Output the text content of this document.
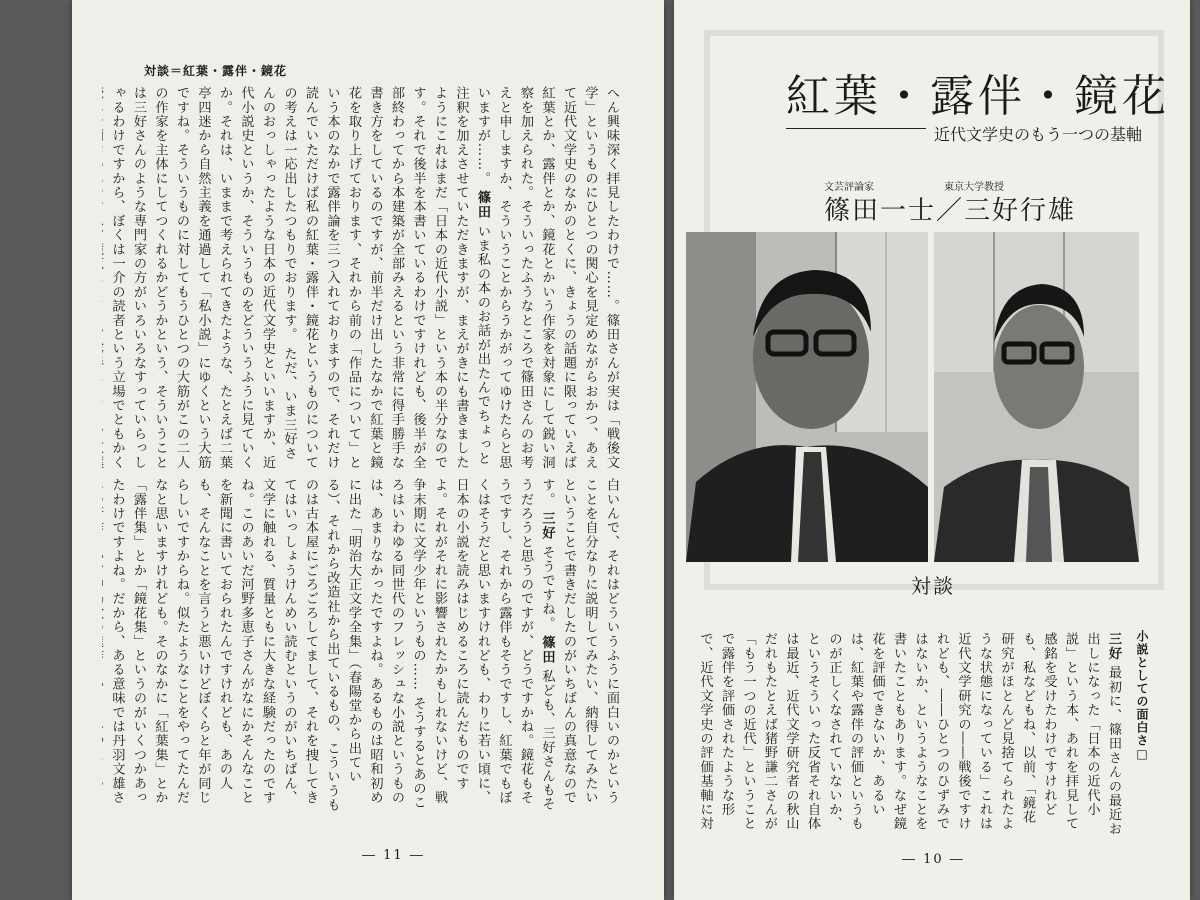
対談＝紅葉・露伴・鏡花
へん興味深く拝見したわけで……。篠田さんが実は「戦後文学」というものにひとつの関心を見定めながらおかつ、あえて近代文学史のなかのとくに、きょうの話題に限っていえば紅葉とか、露伴とか、鏡花とかいう作家を対象にして鋭い洞察を加えられた。そういったふうなところで篠田さんのお考えと申しますか、そういうことからうかがってゆけたらと思いますが……。 篠田 いま私の本のお話が出たんでちょっと注釈を加えさせていただきますが、まえがきにも書きましたようにこれはまだ「日本の近代小説」という本の半分なのです。それで後半を本書いているわけですけれども、後半が全部終わってから本建築が全部みえるという非常に得手勝手な書き方をしているのですが、前半だけ出したなかで紅葉と鏡花を取り上げております、それから前の「作品について」という本のなかで露伴論を三つ入れておりますので、それだけ読んでいただけば私の紅葉・露伴・鏡花というものについての考えは一応出したつもりでおります。 ただ、いま三好さんのおっしゃったような日本の近代文学史といいますか、近代小説史というか、そういうものをどういうふうに見ていくか。それは、いままで考えられてきたような、たとえば二葉亭四迷から自然主義を通過して「私小説」にゆくという大筋ですね。そういうものに対してもうひとつの大筋がこの二人の作家を主体にしてつくれるかどうかという、そういうことは三好さんのような専門家の方がいろいろなすっていらっしゃるわけですから、ぼくは一介の読者という立場でともかく
白いんで、それはどういうふうに面白いのかということを自分なりに説明してみたい、納得してみたいということで書きだしたのがいちばんの真意なのです。 三好 そうですね。 篠田 私ども、三好さんもそうだろうと思うのですが、どうですかね。鏡花もそうですし、それから露伴もそうですし、紅葉でもぼくはそうだと思いますけれども、わりに若い頃に、日本の小説を読みはじめるころに読んだものですよ。それがそれに影響されたかもしれないけど、戦争末期に文学少年というもの…… そうするとあのころはいわゆる同世代のフレッシュな小説というものは、あまりなかったですよね。あるものは昭和初めに出た「明治大正文学全集」（春陽堂から出ている）、それから改造社から出ているもの、こういうものは古本屋にごろごろしてまして、それを捜してきてはいっしょうけんめい読むというのがいちばん、文学に触れる、質量ともに大きな経験だったのですね。このあいだ河野多恵子さんがなにかそんなことを新聞に書いておられたんですけれども、あの人も、そんなことを言うと悪いけどぼくらと年が同じらしいですからね。似たようなことをやってたんだなと思いますけれども。そのなかに「紅葉集」とか「露伴集」とか「鏡花集」というのがいくつかあったわけですよね。だから、ある意味では丹羽文雄さ
― 11 ―
紅葉・露伴・鏡花
近代文学史のもう一つの基軸
文芸評論家	東京大学教授
篠田一士／三好行雄
対談
小説としての面白さ□
三好 最初に、篠田さんの最近お出しになった「日本の近代小説」という本、あれを拝見して感銘を受けたわけですけれども、私などもね、以前、「鏡花研究がほとんど見捨てられたような状態になっている」これは近代文学研究の――戦後ですけれども、――ひとつのひずみではないか、というようなことを書いたこともあります。なぜ鏡花を評価できないか、あるいは、紅葉や露伴の評価というものが正しくなされていないか、というそういった反省それ自体は最近、近代文学研究者の秋山だれもたとえば猪野謙二さんが「もう一つの近代」ということで露伴を評価されたような形で、近代文学史の評価基軸に対
― 10 ―
